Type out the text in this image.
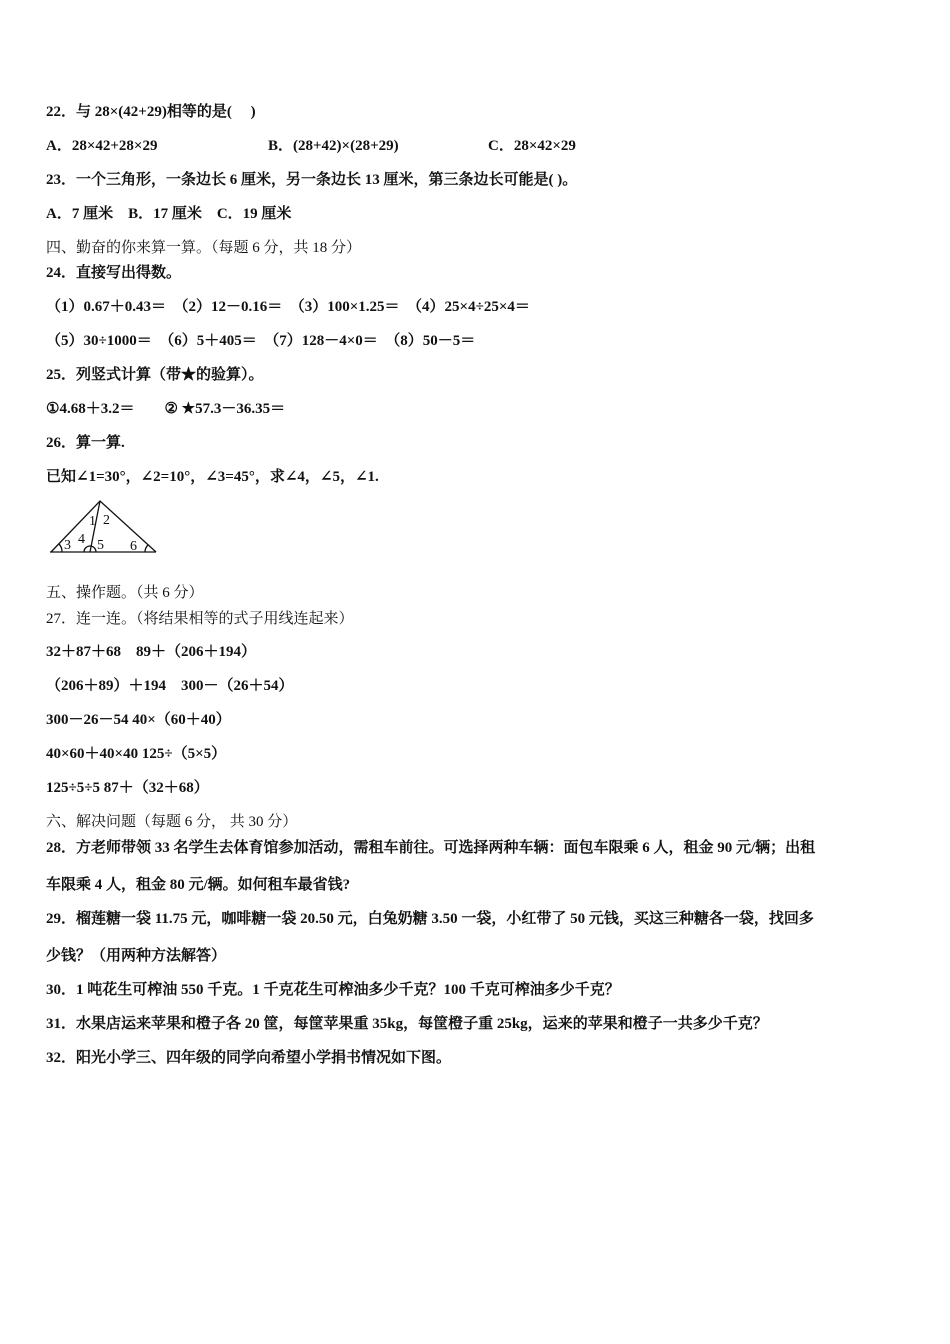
22．与 28×(42+29)相等的是(　 )
A．28×42+28×29	B．(28+42)×(28+29)	C．28×42×29
23．一个三角形，一条边长 6 厘米，另一条边长 13 厘米，第三条边长可能是( )。
A．7 厘米　B．17 厘米　C．19 厘米
四、勤奋的你来算一算。（每题 6 分，共 18 分）
24．直接写出得数。
（1）0.67＋0.43＝　（2）12－0.16＝　（3）100×1.25＝　（4）25×4÷25×4＝
（5）30÷1000＝　（6）5＋405＝　（7）128－4×0＝　（8）50－5＝
25．列竖式计算（带★的验算）。
①4.68＋3.2＝　　② ★57.3－36.35＝
26．算一算.
已知∠1=30°，∠2=10°，∠3=45°，求∠4，∠5，∠1.
1 2
3 4 5 6
五、操作题。（共 6 分）
27．连一连。（将结果相等的式子用线连起来）
32＋87＋68　89＋（206＋194）
（206＋89）＋194　300－（26＋54）
300－26－54 40×（60＋40）
40×60＋40×40 125÷（5×5）
125÷5÷5 87＋（32＋68）
六、解决问题（每题 6 分， 共 30 分）
28．方老师带领 33 名学生去体育馆参加活动，需租车前往。可选择两种车辆：面包车限乘 6 人，租金 90 元/辆；出租
车限乘 4 人，租金 80 元/辆。如何租车最省钱?
29．榴莲糖一袋 11.75 元，咖啡糖一袋 20.50 元，白兔奶糖 3.50 一袋，小红带了 50 元钱，买这三种糖各一袋，找回多
少钱？（用两种方法解答）
30．1 吨花生可榨油 550 千克。1 千克花生可榨油多少千克？100 千克可榨油多少千克？
31．水果店运来苹果和橙子各 20 筐，每筐苹果重 35kg，每筐橙子重 25kg，运来的苹果和橙子一共多少千克？
32．阳光小学三、四年级的同学向希望小学捐书情况如下图。
